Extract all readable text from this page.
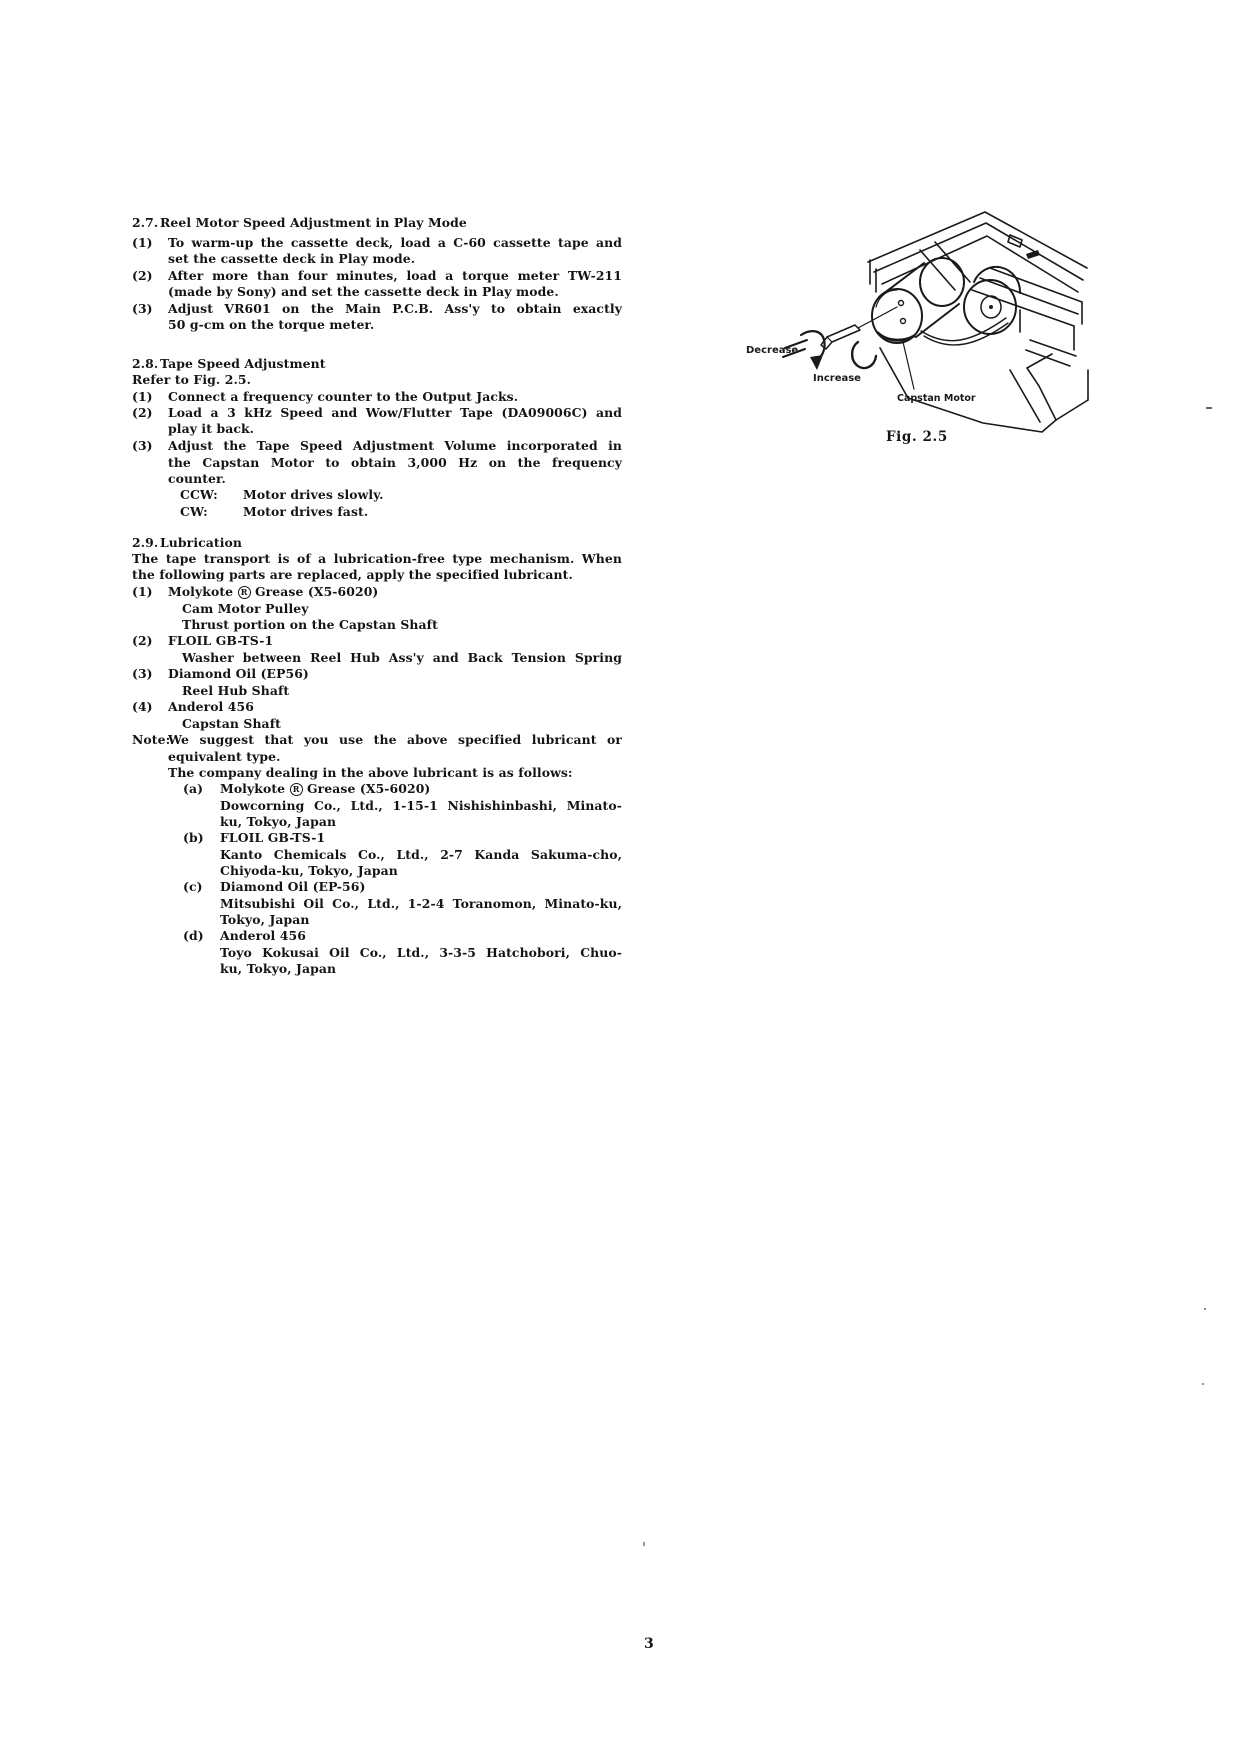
2.7. Reel Motor Speed Adjustment in Play Mode
(1) To warm-up the cassette deck, load a C-60 cassette tape and
set the cassette deck in Play mode.
(2) After more than four minutes, load a torque meter TW-211
(made by Sony) and set the cassette deck in Play mode.
(3) Adjust VR601 on the Main P.C.B. Ass'y to obtain exactly
50 g-cm on the torque meter.
2.8. Tape Speed Adjustment
Refer to Fig. 2.5.
(1) Connect a frequency counter to the Output Jacks.
(2) Load a 3 kHz Speed and Wow/Flutter Tape (DA09006C) and
play it back.
(3) Adjust the Tape Speed Adjustment Volume incorporated in
the Capstan Motor to obtain 3,000 Hz on the frequency
counter.
CCW: Motor drives slowly.
CW:	Motor drives fast.
2.9. Lubrication
The tape transport is of a lubrication-free type mechanism. When
the following parts are replaced, apply the specified lubricant.
(1) Molykote R Grease (X5-6020)
Cam Motor Pulley
Thrust portion on the Capstan Shaft
(2) FLOIL GB-TS-1
Washer between Reel Hub Ass'y and Back Tension Spring
(3) Diamond Oil (EP56)
Reel Hub Shaft
(4) Anderol 456
Capstan Shaft
Note:
We suggest that you use the above specified lubricant or
equivalent type.
The company dealing in the above lubricant is as follows:
(a) Molykote R Grease (X5-6020)
Dowcorning Co., Ltd., 1-15-1 Nishishinbashi, Minato-
ku, Tokyo, Japan
(b) FLOIL GB-TS-1
Kanto Chemicals Co., Ltd., 2-7 Kanda Sakuma-cho,
Chiyoda-ku, Tokyo, Japan
(c) Diamond Oil (EP-56)
Mitsubishi Oil Co., Ltd., 1-2-4 Toranomon, Minato-ku,
Tokyo, Japan
(d) Anderol 456
Toyo Kokusai Oil Co., Ltd., 3-3-5 Hatchobori, Chuo-
ku, Tokyo, Japan
Decrease
Increase
Capstan Motor
Fig. 2.5
3
